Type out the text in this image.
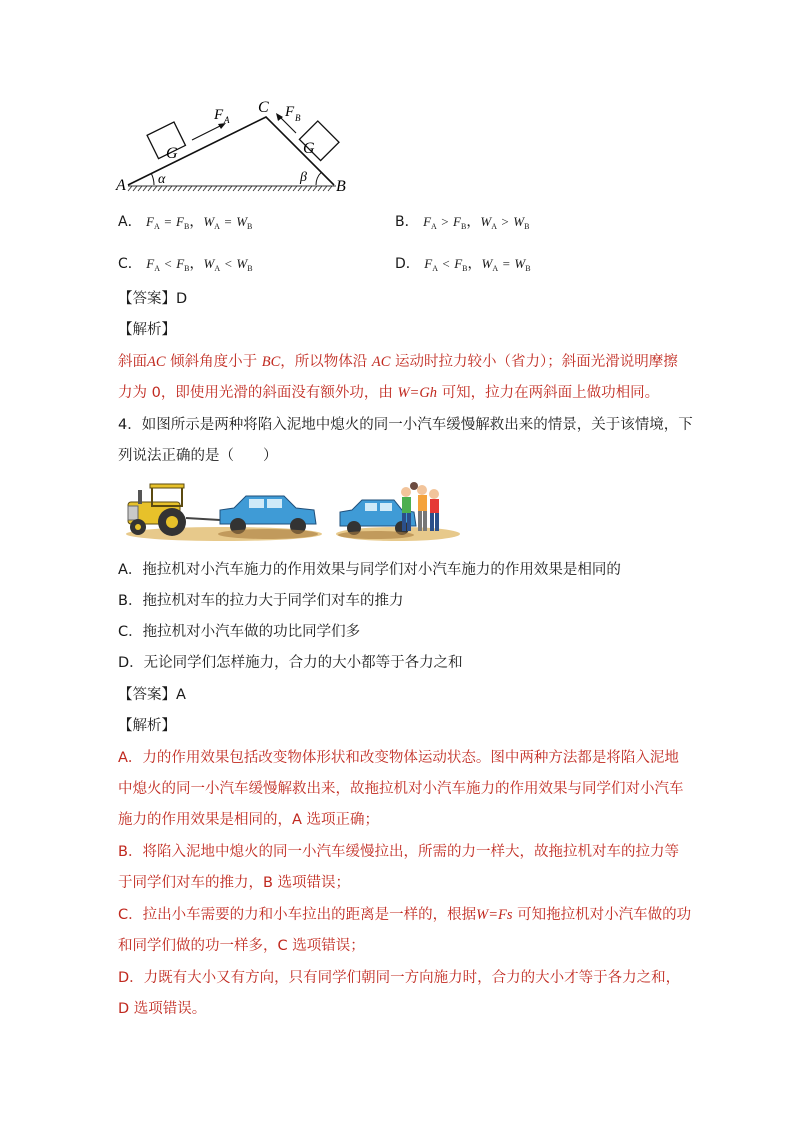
G	G
F A	F B
C
A	B
α	β
A． $F_A = F_B$，$W_A = W_B$	B． $F_A > F_B$，$W_A > W_B$
C． $F_A < F_B$，$W_A < W_B$	D． $F_A < F_B$，$W_A = W_B$
【答案】D
【解析】
斜面AC 倾斜角度小于 BC，所以物体沿 AC 运动时拉力较小（省力）；斜面光滑说明摩擦
力为 0，即使用光滑的斜面没有额外功，由 W=Gh 可知，拉力在两斜面上做功相同。
4．如图所示是两种将陷入泥地中熄火的同一小汽车缓慢解救出来的情景，关于该情境，下
列说法正确的是（　　）
A．拖拉机对小汽车施力的作用效果与同学们对小汽车施力的作用效果是相同的
B．拖拉机对车的拉力大于同学们对车的推力
C．拖拉机对小汽车做的功比同学们多
D．无论同学们怎样施力，合力的大小都等于各力之和
【答案】A
【解析】
A．力的作用效果包括改变物体形状和改变物体运动状态。图中两种方法都是将陷入泥地
中熄火的同一小汽车缓慢解救出来，故拖拉机对小汽车施力的作用效果与同学们对小汽车
施力的作用效果是相同的，A 选项正确；
B．将陷入泥地中熄火的同一小汽车缓慢拉出，所需的力一样大，故拖拉机对车的拉力等
于同学们对车的推力，B 选项错误；
C．拉出小车需要的力和小车拉出的距离是一样的，根据W=Fs 可知拖拉机对小汽车做的功
和同学们做的功一样多，C 选项错误；
D．力既有大小又有方向，只有同学们朝同一方向施力时，合力的大小才等于各力之和，
D 选项错误。
